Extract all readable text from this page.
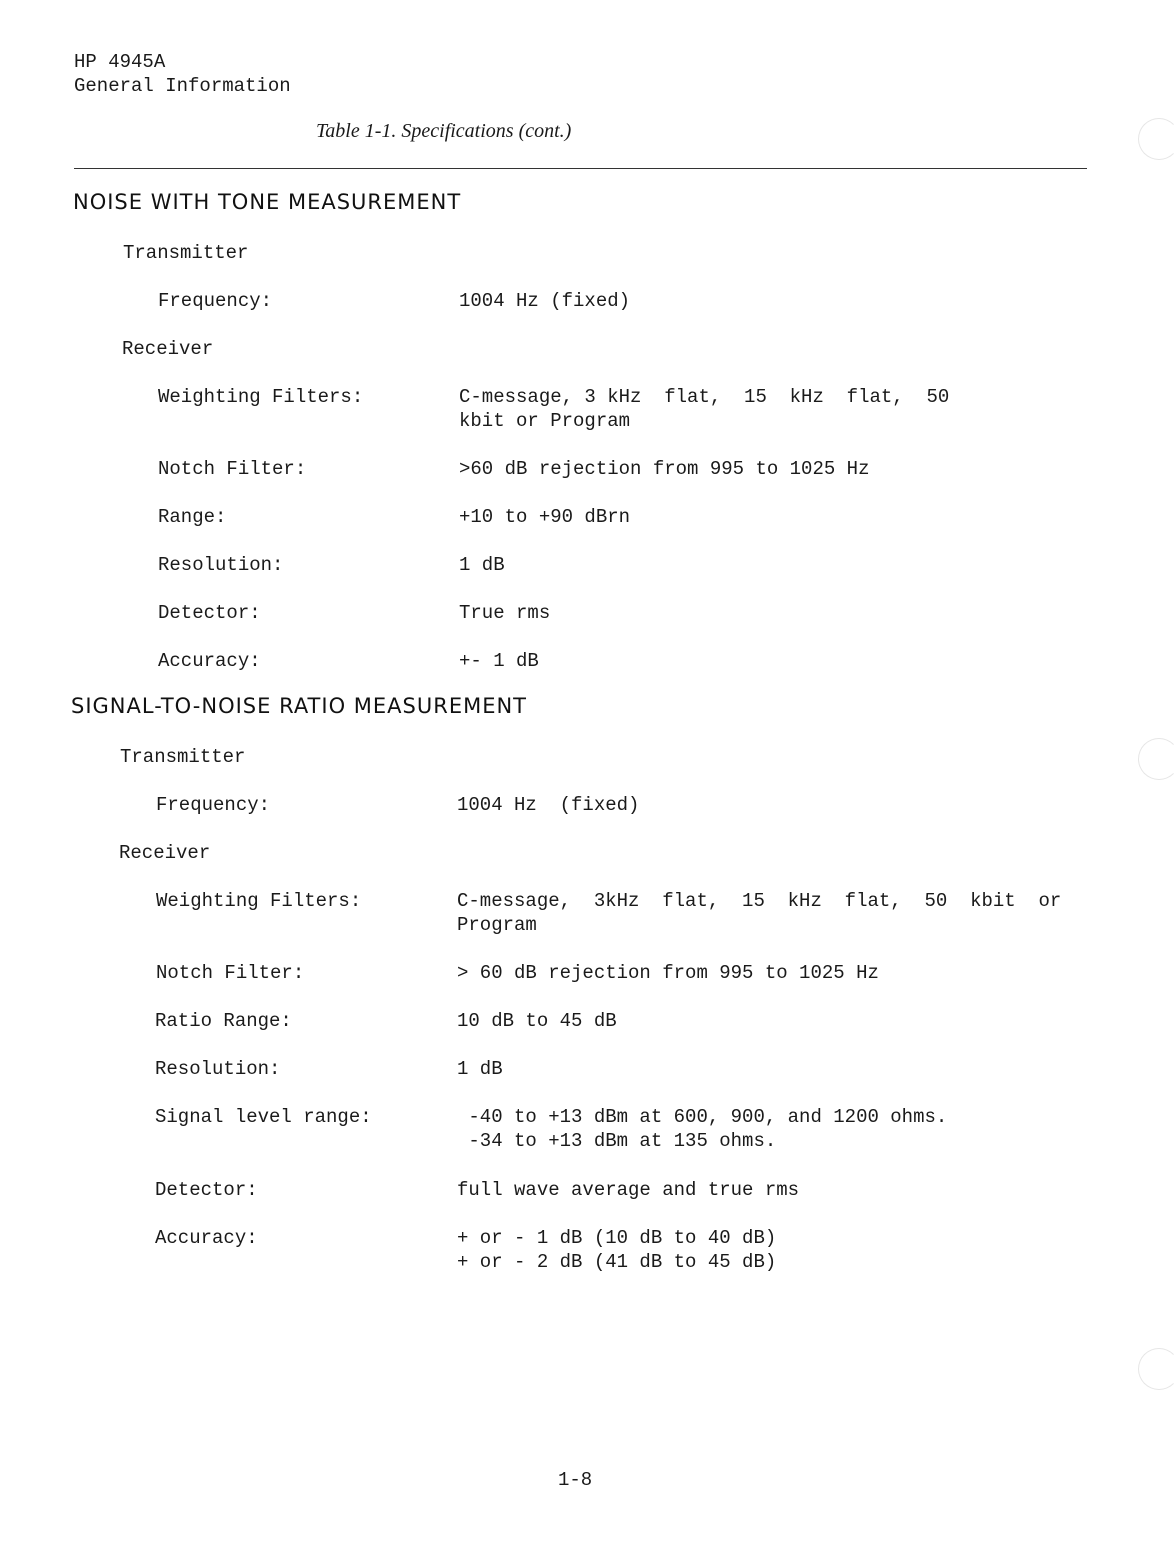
HP 4945A
General Information
Table 1-1. Specifications (cont.)
NOISE WITH TONE MEASUREMENT
Transmitter
Frequency:	1004 Hz (fixed)
Receiver
Weighting Filters:	C-message, 3 kHz  flat,  15  kHz  flat,  50
kbit or Program
Notch Filter:	>60 dB rejection from 995 to 1025 Hz
Range:	+10 to +90 dBrn
Resolution:	1 dB
Detector:	True rms
Accuracy:	+- 1 dB
SIGNAL-TO-NOISE RATIO MEASUREMENT
Transmitter
Frequency:	1004 Hz  (fixed)
Receiver
Weighting Filters:	C-message,  3kHz  flat,  15  kHz  flat,  50  kbit  or
Program
Notch Filter:	> 60 dB rejection from 995 to 1025 Hz
Ratio Range:	10 dB to 45 dB
Resolution:	1 dB
Signal level range:	-40 to +13 dBm at 600, 900, and 1200 ohms.
-34 to +13 dBm at 135 ohms.
Detector:	full wave average and true rms
Accuracy:	+ or - 1 dB (10 dB to 40 dB)
+ or - 2 dB (41 dB to 45 dB)
1-8
